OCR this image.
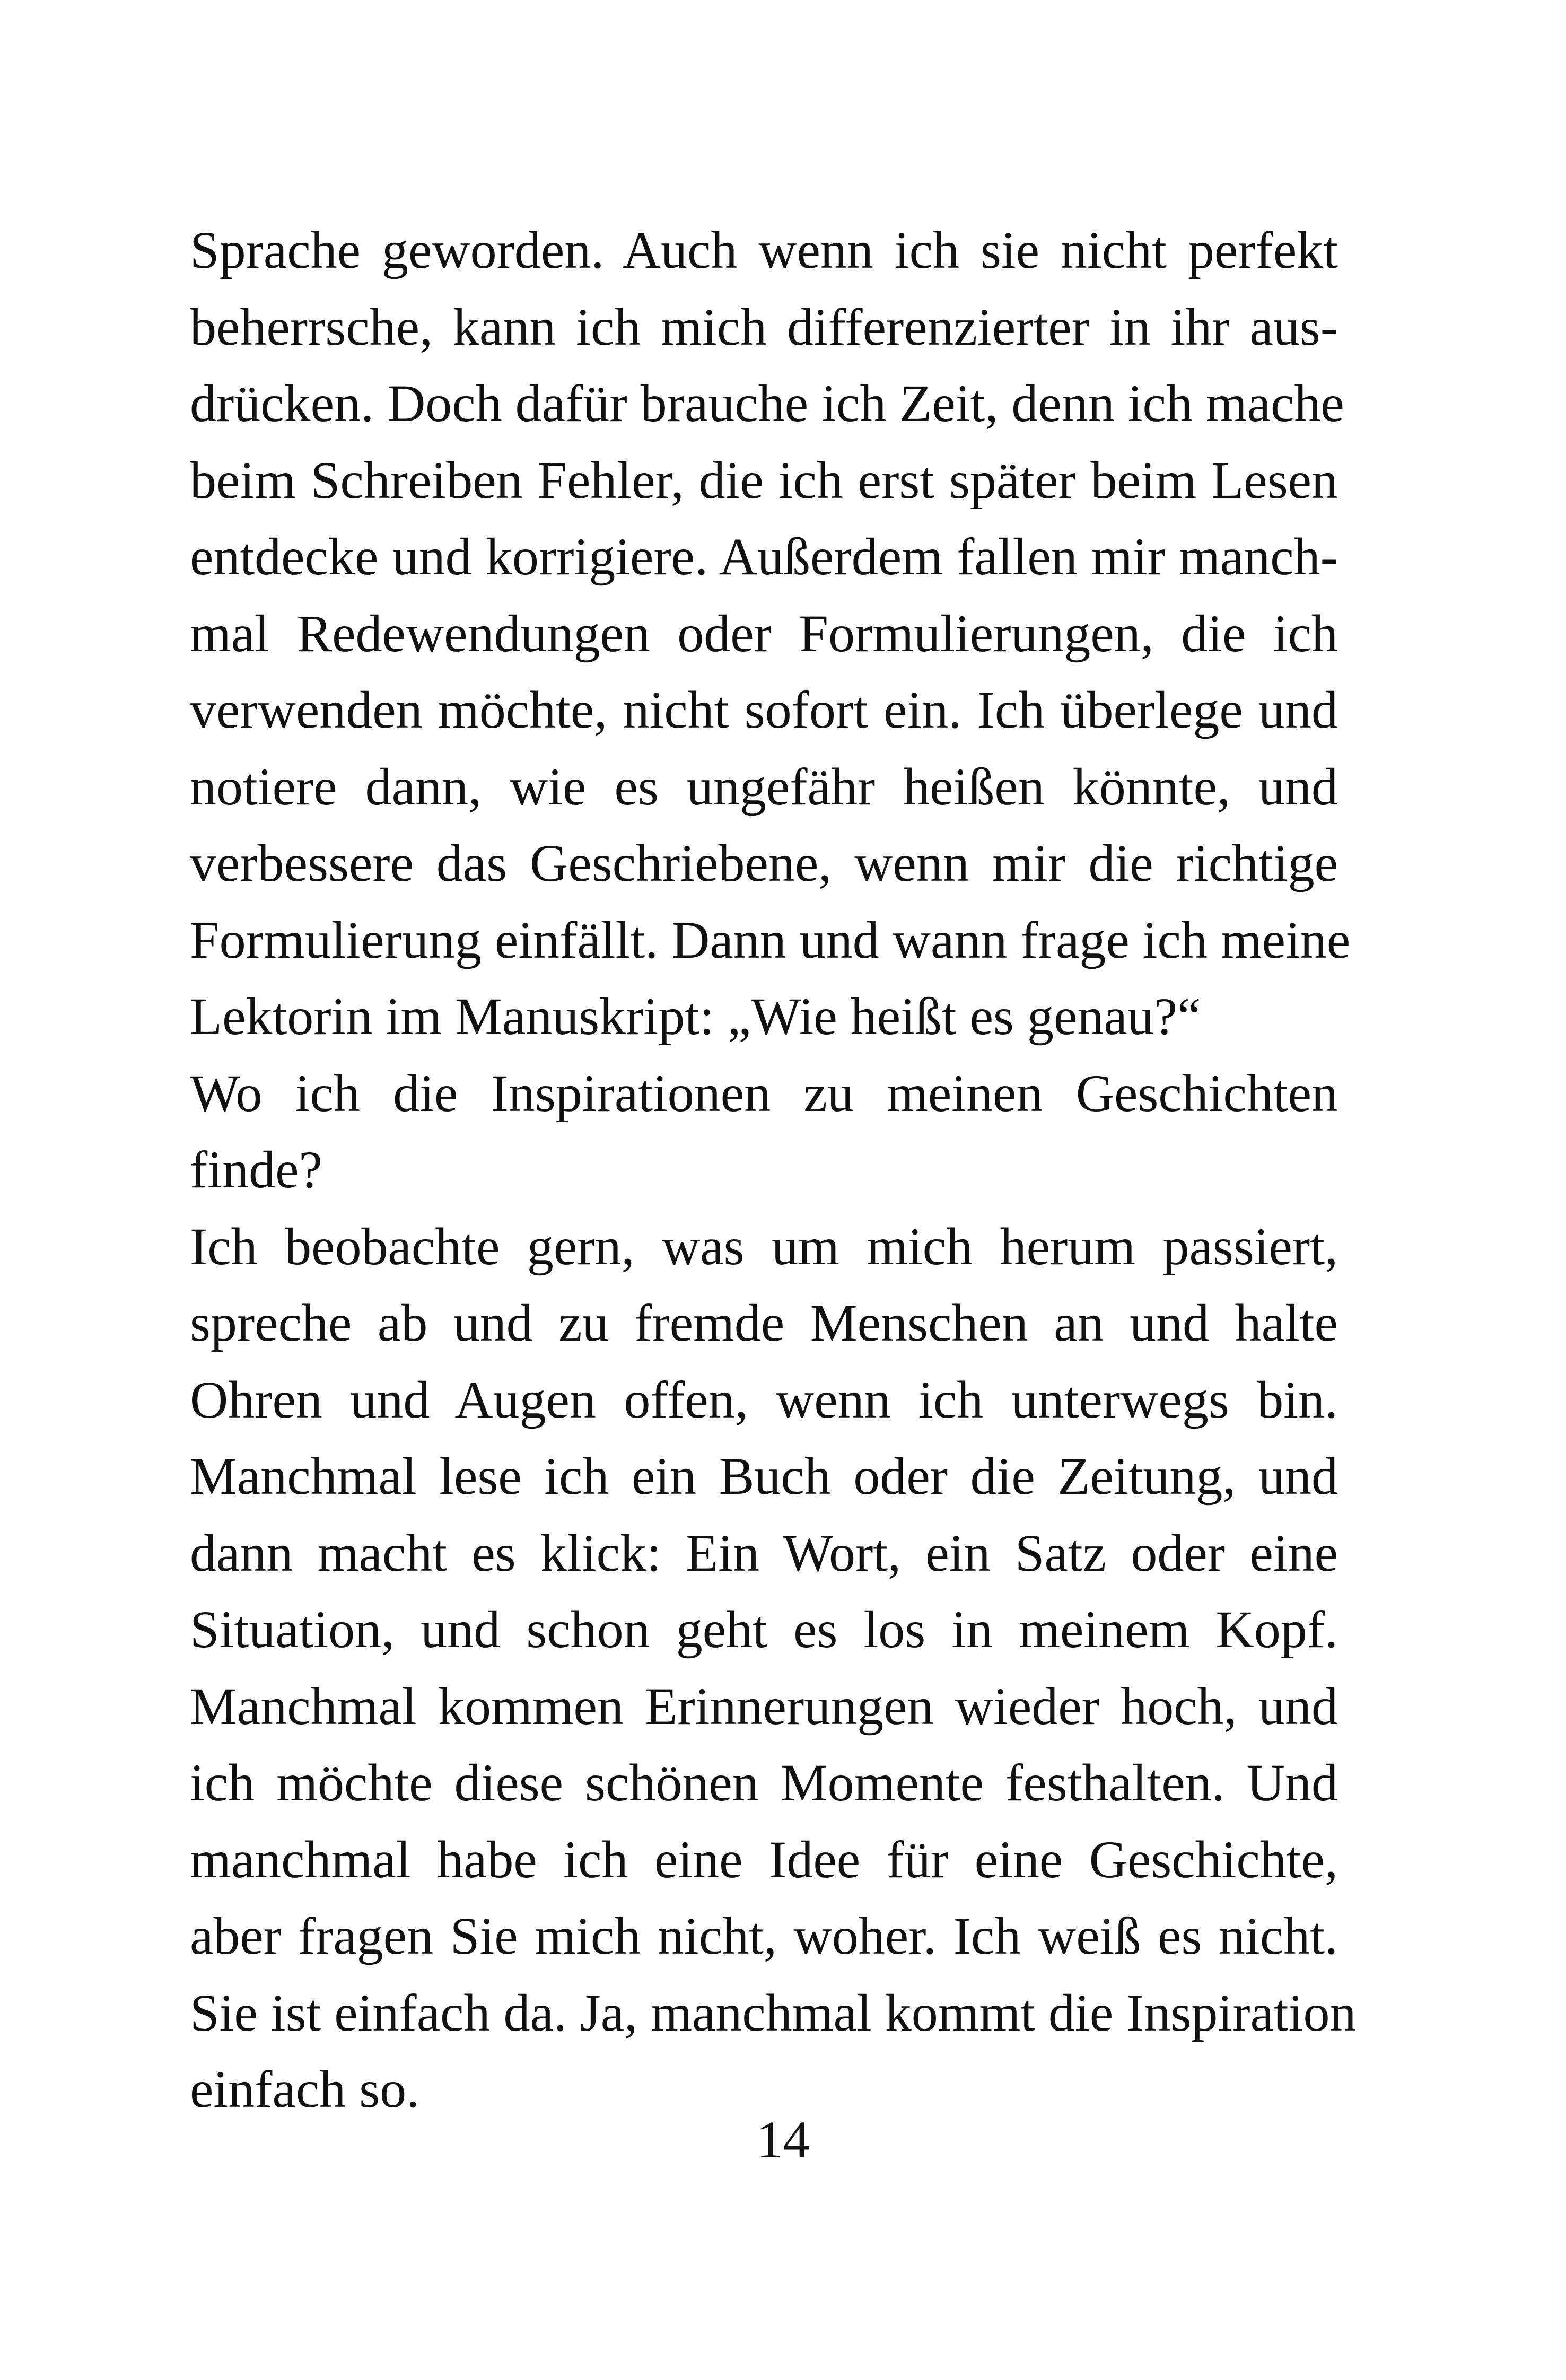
Sprache geworden. Auch wenn ich sie nicht perfekt
beherrsche, kann ich mich differenzierter in ihr aus-
drücken. Doch dafür brauche ich Zeit, denn ich mache
beim Schreiben Fehler, die ich erst später beim Lesen
entdecke und korrigiere. Außerdem fallen mir manch-
mal Redewendungen oder Formulierungen, die ich
verwenden möchte, nicht sofort ein. Ich überlege und
notiere dann, wie es ungefähr heißen könnte, und
verbessere das Geschriebene, wenn mir die richtige
Formulierung einfällt. Dann und wann frage ich meine
Lektorin im Manuskript: „Wie heißt es genau?“
Wo ich die Inspirationen zu meinen Geschichten
finde?
Ich beobachte gern, was um mich herum passiert,
spreche ab und zu fremde Menschen an und halte
Ohren und Augen offen, wenn ich unterwegs bin.
Manchmal lese ich ein Buch oder die Zeitung, und
dann macht es klick: Ein Wort, ein Satz oder eine
Situation, und schon geht es los in meinem Kopf.
Manchmal kommen Erinnerungen wieder hoch, und
ich möchte diese schönen Momente festhalten. Und
manchmal habe ich eine Idee für eine Geschichte,
aber fragen Sie mich nicht, woher. Ich weiß es nicht.
Sie ist einfach da. Ja, manchmal kommt die Inspiration
einfach so.
14
